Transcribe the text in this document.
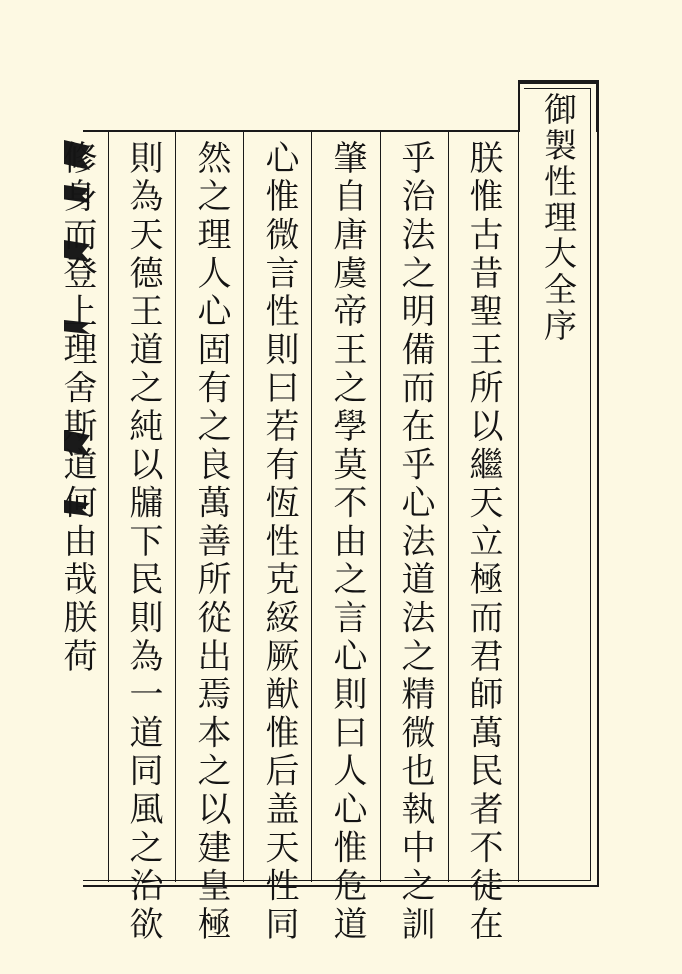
御製性理大全序
朕惟古昔聖王所以繼天立極而君師萬民者不徒在
乎治法之明備而在乎心法道法之精微也執中之訓
肇自唐虞帝王之學莫不由之言心則曰人心惟危道
心惟微言性則曰若有恆性克綏厥猷惟后盖天性同
然之理人心固有之良萬善所從出焉本之以建皇極
則為天德王道之純以牖下民則為一道同風之治欲
修身而登上理舍斯道何由哉朕荷
